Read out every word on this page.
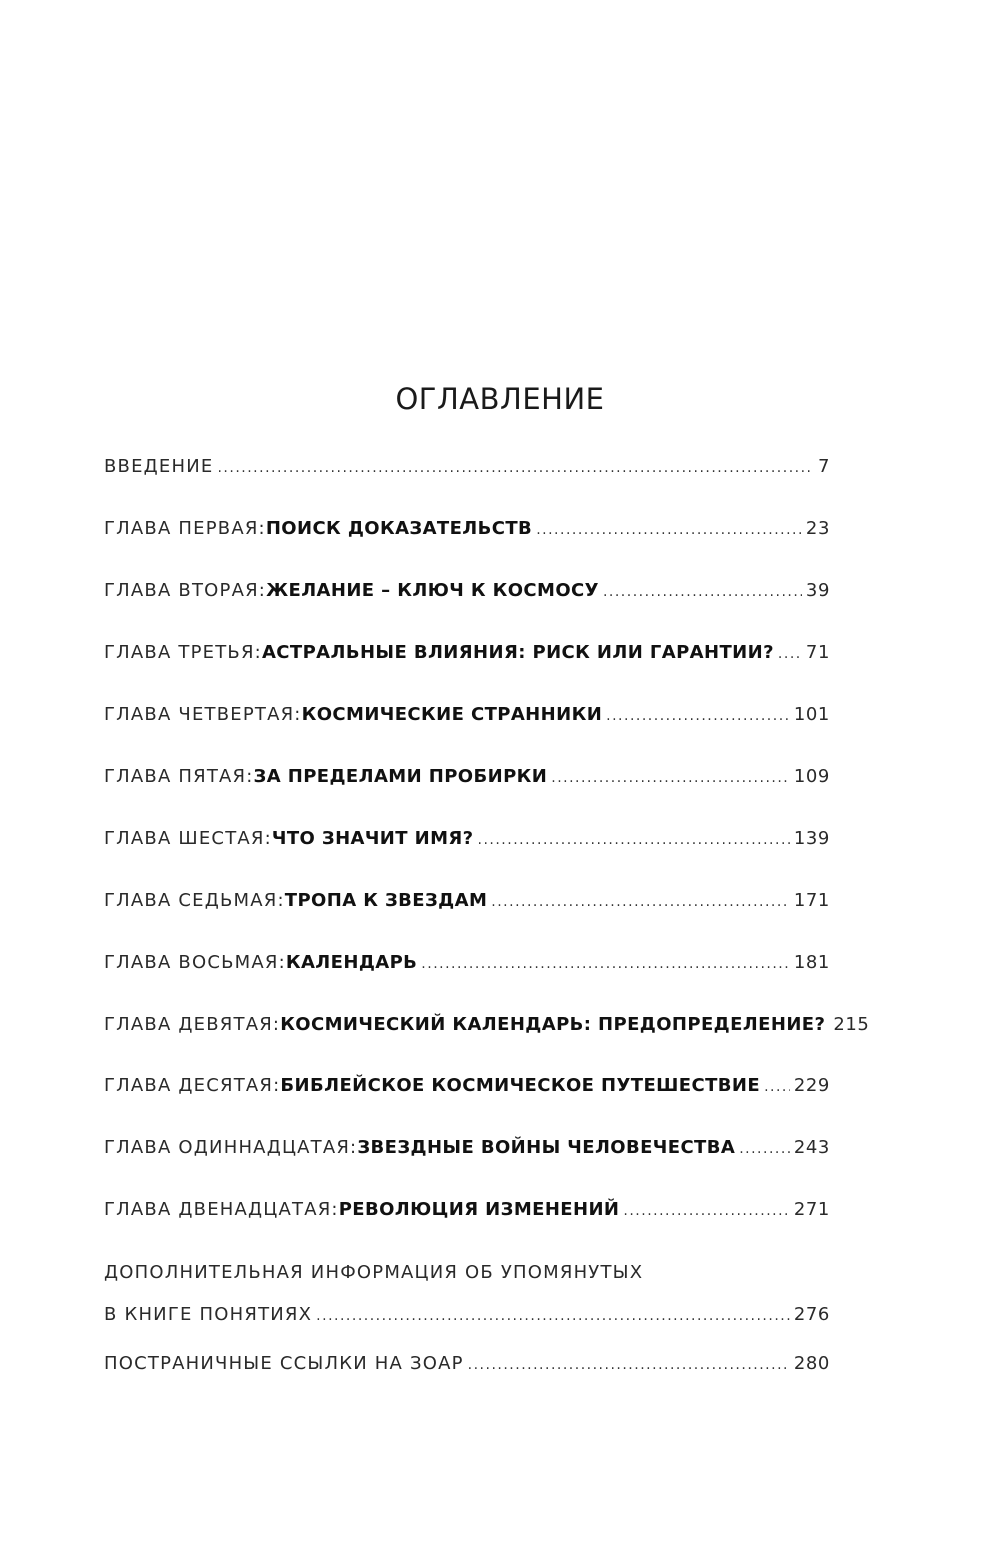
ОГЛАВЛЕНИЕ
ВВЕДЕНИЕ .....	7
ГЛАВА ПЕРВАЯ: ПОИСК ДОКАЗАТЕЛЬСТВ .....	23
ГЛАВА ВТОРАЯ: ЖЕЛАНИЕ – КЛЮЧ К КОСМОСУ .....	39
ГЛАВА ТРЕТЬЯ: АСТРАЛЬНЫЕ ВЛИЯНИЯ: РИСК ИЛИ ГАРАНТИИ? ..... 71
ГЛАВА ЧЕТВЕРТАЯ: КОСМИЧЕСКИЕ СТРАННИКИ .....	101
ГЛАВА ПЯТАЯ: ЗА ПРЕДЕЛАМИ ПРОБИРКИ .....	109
ГЛАВА ШЕСТАЯ: ЧТО ЗНАЧИТ ИМЯ? .....	139
ГЛАВА СЕДЬМАЯ: ТРОПА К ЗВЕЗДАМ .....	171
ГЛАВА ВОСЬМАЯ: КАЛЕНДАРЬ .....	181
ГЛАВА ДЕВЯТАЯ: КОСМИЧЕСКИЙ КАЛЕНДАРЬ: ПРЕДОПРЕДЕЛЕНИЕ? 215
ГЛАВА ДЕСЯТАЯ: БИБЛЕЙСКОЕ КОСМИЧЕСКОЕ ПУТЕШЕСТВИЕ ..... 229
ГЛАВА ОДИННАДЦАТАЯ: ЗВЕЗДНЫЕ ВОЙНЫ ЧЕЛОВЕЧЕСТВА .....	243
ГЛАВА ДВЕНАДЦАТАЯ: РЕВОЛЮЦИЯ ИЗМЕНЕНИЙ .....	271
ДОПОЛНИТЕЛЬНАЯ ИНФОРМАЦИЯ ОБ УПОМЯНУТЫХ
В КНИГЕ ПОНЯТИЯХ .....	276
ПОСТРАНИЧНЫЕ ССЫЛКИ НА ЗОАР .....	280
